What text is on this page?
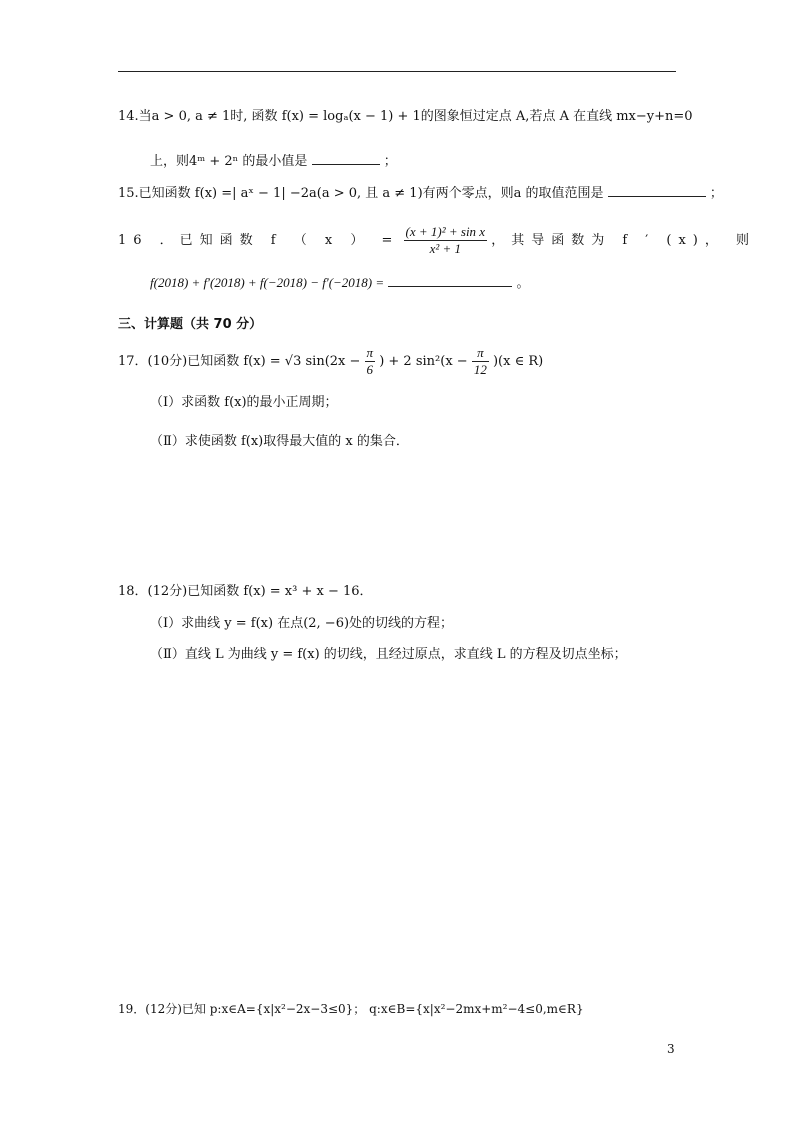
14.当a > 0, a ≠ 1时, 函数 f(x) = logₐ(x − 1) + 1的图象恒过定点 A,若点 A 在直线 mx−y+n=0
上，则4ᵐ + 2ⁿ 的最小值是	；
15.已知函数 f(x) =| aˣ − 1| −2a(a > 0, 且 a ≠ 1)有两个零点，则a 的取值范围是	；
16 ．已知函数 f （ x ） = $\frac{\text{(x + 1)² + sin x}}{\text{x² + 1}}$ ，其导函数为 f ′ (x)， 则
f(2018) + f′(2018) + f(−2018) − f′(−2018) =	。
三、计算题（共 70 分）
17．(10分)已知函数 f(x) = √3 $\sin(2x - \frac{\pi}{6}$ ) + 2 $\sin^2(x - \frac{\pi}{12} )(x$ ∈ R)
（I）求函数 f(x)的最小正周期；
（Ⅱ）求使函数 f(x)取得最大值的 x 的集合．
18．(12分)已知函数 f(x) = x³ + x − 16．
（I）求曲线 y = f(x) 在点(2, −6)处的切线的方程；
（Ⅱ）直线 L 为曲线 y = f(x) 的切线，且经过原点，求直线 L 的方程及切点坐标；
19．(12分)已知 p:x∈A={x|x²−2x−3≤0}； q:x∈B={x|x²−2mx+m²−4≤0,m∈R}
3
